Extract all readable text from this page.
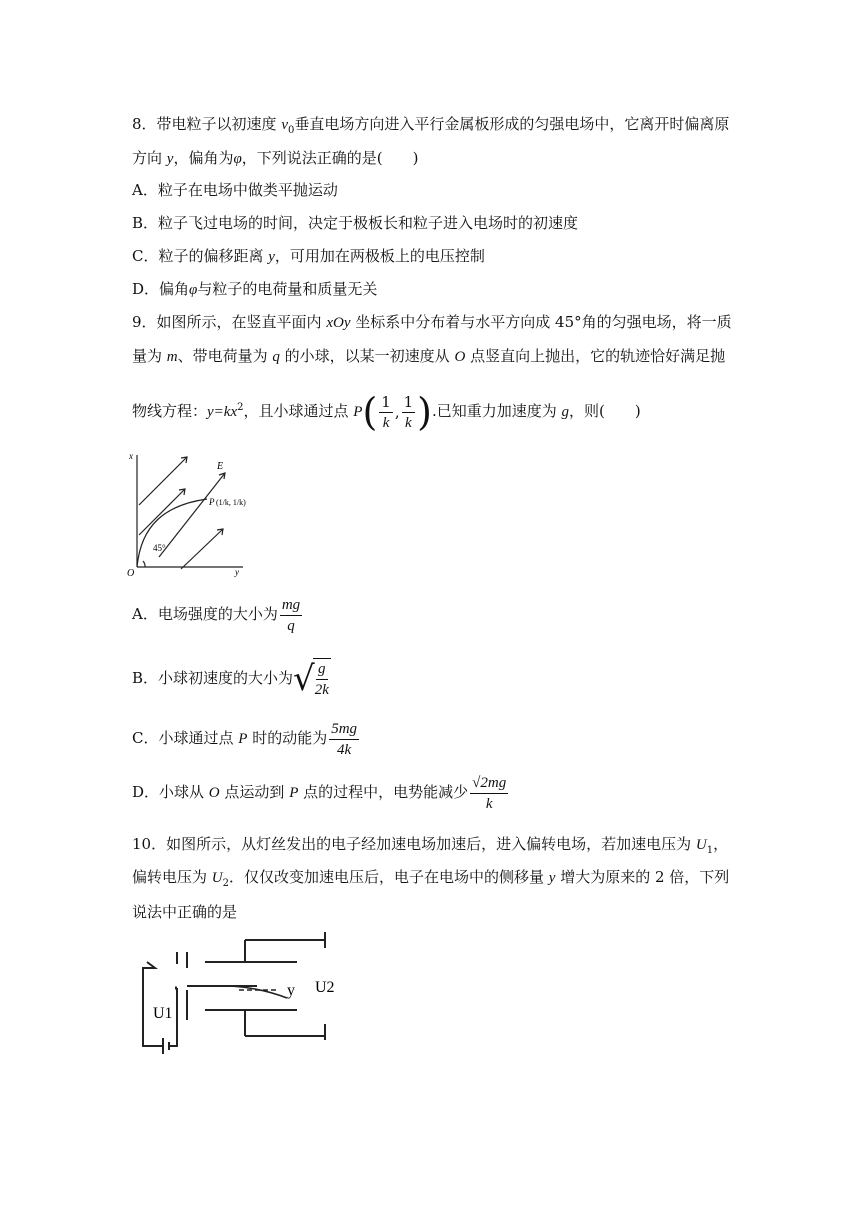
8．带电粒子以初速度 $v_0$垂直电场方向进入平行金属板形成的匀强电场中，它离开时偏离原
方向 y，偏角为φ，下列说法正确的是(　　)
A．粒子在电场中做类平抛运动
B．粒子飞过电场的时间，决定于极板长和粒子进入电场时的初速度
C．粒子的偏移距离 y，可用加在两极板上的电压控制
D．偏角φ与粒子的电荷量和质量无关
9．如图所示，在竖直平面内 xOy 坐标系中分布着与水平方向成 45°角的匀强电场，将一质
量为 m、带电荷量为 q 的小球，以某一初速度从 O 点竖直向上抛出，它的轨迹恰好满足抛
物线方程：$y=kx^2$，且小球通过点 P ( $\frac{1}{k}$ , $\frac{1}{k}$ ) .已知重力加速度为 g，则(　　)
x
y
O
E
P (1/k, 1/k)
45°
A．电场强度的大小为 $\frac{mg}{q}$
B．小球初速度的大小为 √
$\frac{g}{2k}$
C．小球通过点 P 时的动能为 $\frac{5mg}{4k}$
D．小球从 O 点运动到 P 点的过程中，电势能减少 $\frac{√2mg}{k}$
10．如图所示，从灯丝发出的电子经加速电场加速后，进入偏转电场，若加速电压为 $U_1$，
偏转电压为 $U_2$．仅仅改变加速电压后，电子在电场中的侧移量 y 增大为原来的 2 倍，下列
说法中正确的是
U1
U2
y
